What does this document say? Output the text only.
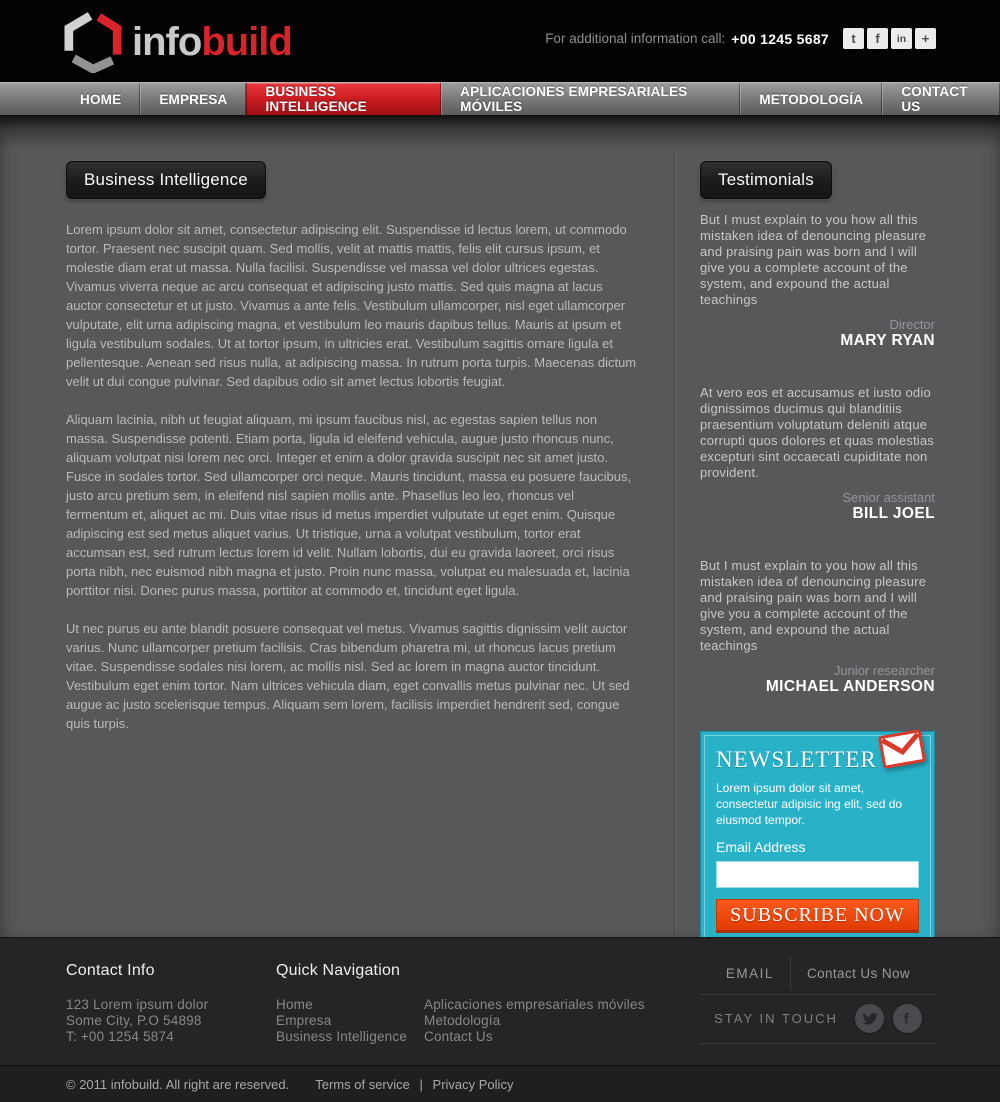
infobuild	For additional information call: +00 1245 5687	t	f	in	+
HOME	EMPRESA	BUSINESS INTELLIGENCE
APLICACIONES EMPRESARIALES MÓVILES	METODOLOGÍA	CONTACT US
Business Intelligence

Lorem ipsum dolor sit amet, consectetur adipiscing elit. Suspendisse id lectus lorem, ut commodo tortor. Praesent nec suscipit quam. Sed mollis, velit at mattis mattis, felis elit cursus ipsum, et molestie diam erat ut massa. Nulla facilisi. Suspendisse vel massa vel dolor ultrices egestas. Vivamus viverra neque ac arcu consequat et adipiscing justo mattis. Sed quis magna at lacus auctor consectetur et ut justo. Vivamus a ante felis. Vestibulum ullamcorper, nisl eget ullamcorper vulputate, elit urna adipiscing magna, et vestibulum leo mauris dapibus tellus. Mauris at ipsum et ligula vestibulum sodales. Ut at tortor ipsum, in ultricies erat. Vestibulum sagittis ornare ligula et pellentesque. Aenean sed risus nulla, at adipiscing massa. In rutrum porta turpis. Maecenas dictum velit ut dui congue pulvinar. Sed dapibus odio sit amet lectus lobortis feugiat.

Aliquam lacinia, nibh ut feugiat aliquam, mi ipsum faucibus nisl, ac egestas sapien tellus non massa. Suspendisse potenti. Etiam porta, ligula id eleifend vehicula, augue justo rhoncus nunc, aliquam volutpat nisi lorem nec orci. Integer et enim a dolor gravida suscipit nec sit amet justo. Fusce in sodales tortor. Sed ullamcorper orci neque. Mauris tincidunt, massa eu posuere faucibus, justo arcu pretium sem, in eleifend nisl sapien mollis ante. Phasellus leo leo, rhoncus vel fermentum et, aliquet ac mi. Duis vitae risus id metus imperdiet vulputate ut eget enim. Quisque adipiscing est sed metus aliquet varius. Ut tristique, urna a volutpat vestibulum, tortor erat accumsan est, sed rutrum lectus lorem id velit. Nullam lobortis, dui eu gravida laoreet, orci risus porta nibh, nec euismod nibh magna et justo. Proin nunc massa, volutpat eu malesuada et, lacinia porttitor nisi. Donec purus massa, porttitor at commodo et, tincidunt eget ligula.

Ut nec purus eu ante blandit posuere consequat vel metus. Vivamus sagittis dignissim velit auctor varius. Nunc ullamcorper pretium facilisis. Cras bibendum pharetra mi, ut rhoncus lacus pretium vitae. Suspendisse sodales nisi lorem, ac mollis nisl. Sed ac lorem in magna auctor tincidunt. Vestibulum eget enim tortor. Nam ultrices vehicula diam, eget convallis metus pulvinar nec. Ut sed augue ac justo scelerisque tempus. Aliquam sem lorem, facilisis imperdiet hendrerit sed, congue quis turpis.

Testimonials
But I must explain to you how all this mistaken idea of denouncing pleasure and praising pain was born and I will give you a complete account of the system, and expound the actual teachings
Director
MARY RYAN
At vero eos et accusamus et iusto odio dignissimos ducimus qui blanditiis praesentium voluptatum deleniti atque corrupti quos dolores et quas molestias excepturi sint occaecati cupiditate non provident.
Senior assistant
BILL JOEL
But I must explain to you how all this mistaken idea of denouncing pleasure and praising pain was born and I will give you a complete account of the system, and expound the actual teachings
Junior researcher
MICHAEL ANDERSON
NEWSLETTER
Lorem ipsum dolor sit amet, consectetur adipisic ing elit, sed do eiusmod tempor.
Email Address
SUBSCRIBE NOW
Contact Info
123 Lorem ipsum dolor
Some City, P.O 54898
T: +00 1254 5874
Quick Navigation
Home
Empresa
Business Intelligence
Aplicaciones empresariales móviles
Metodología
Contact Us
EMAIL Contact Us Now
STAY IN TOUCH
© 2011 infobuild. All right are reserved. Terms of service | Privacy Policy
